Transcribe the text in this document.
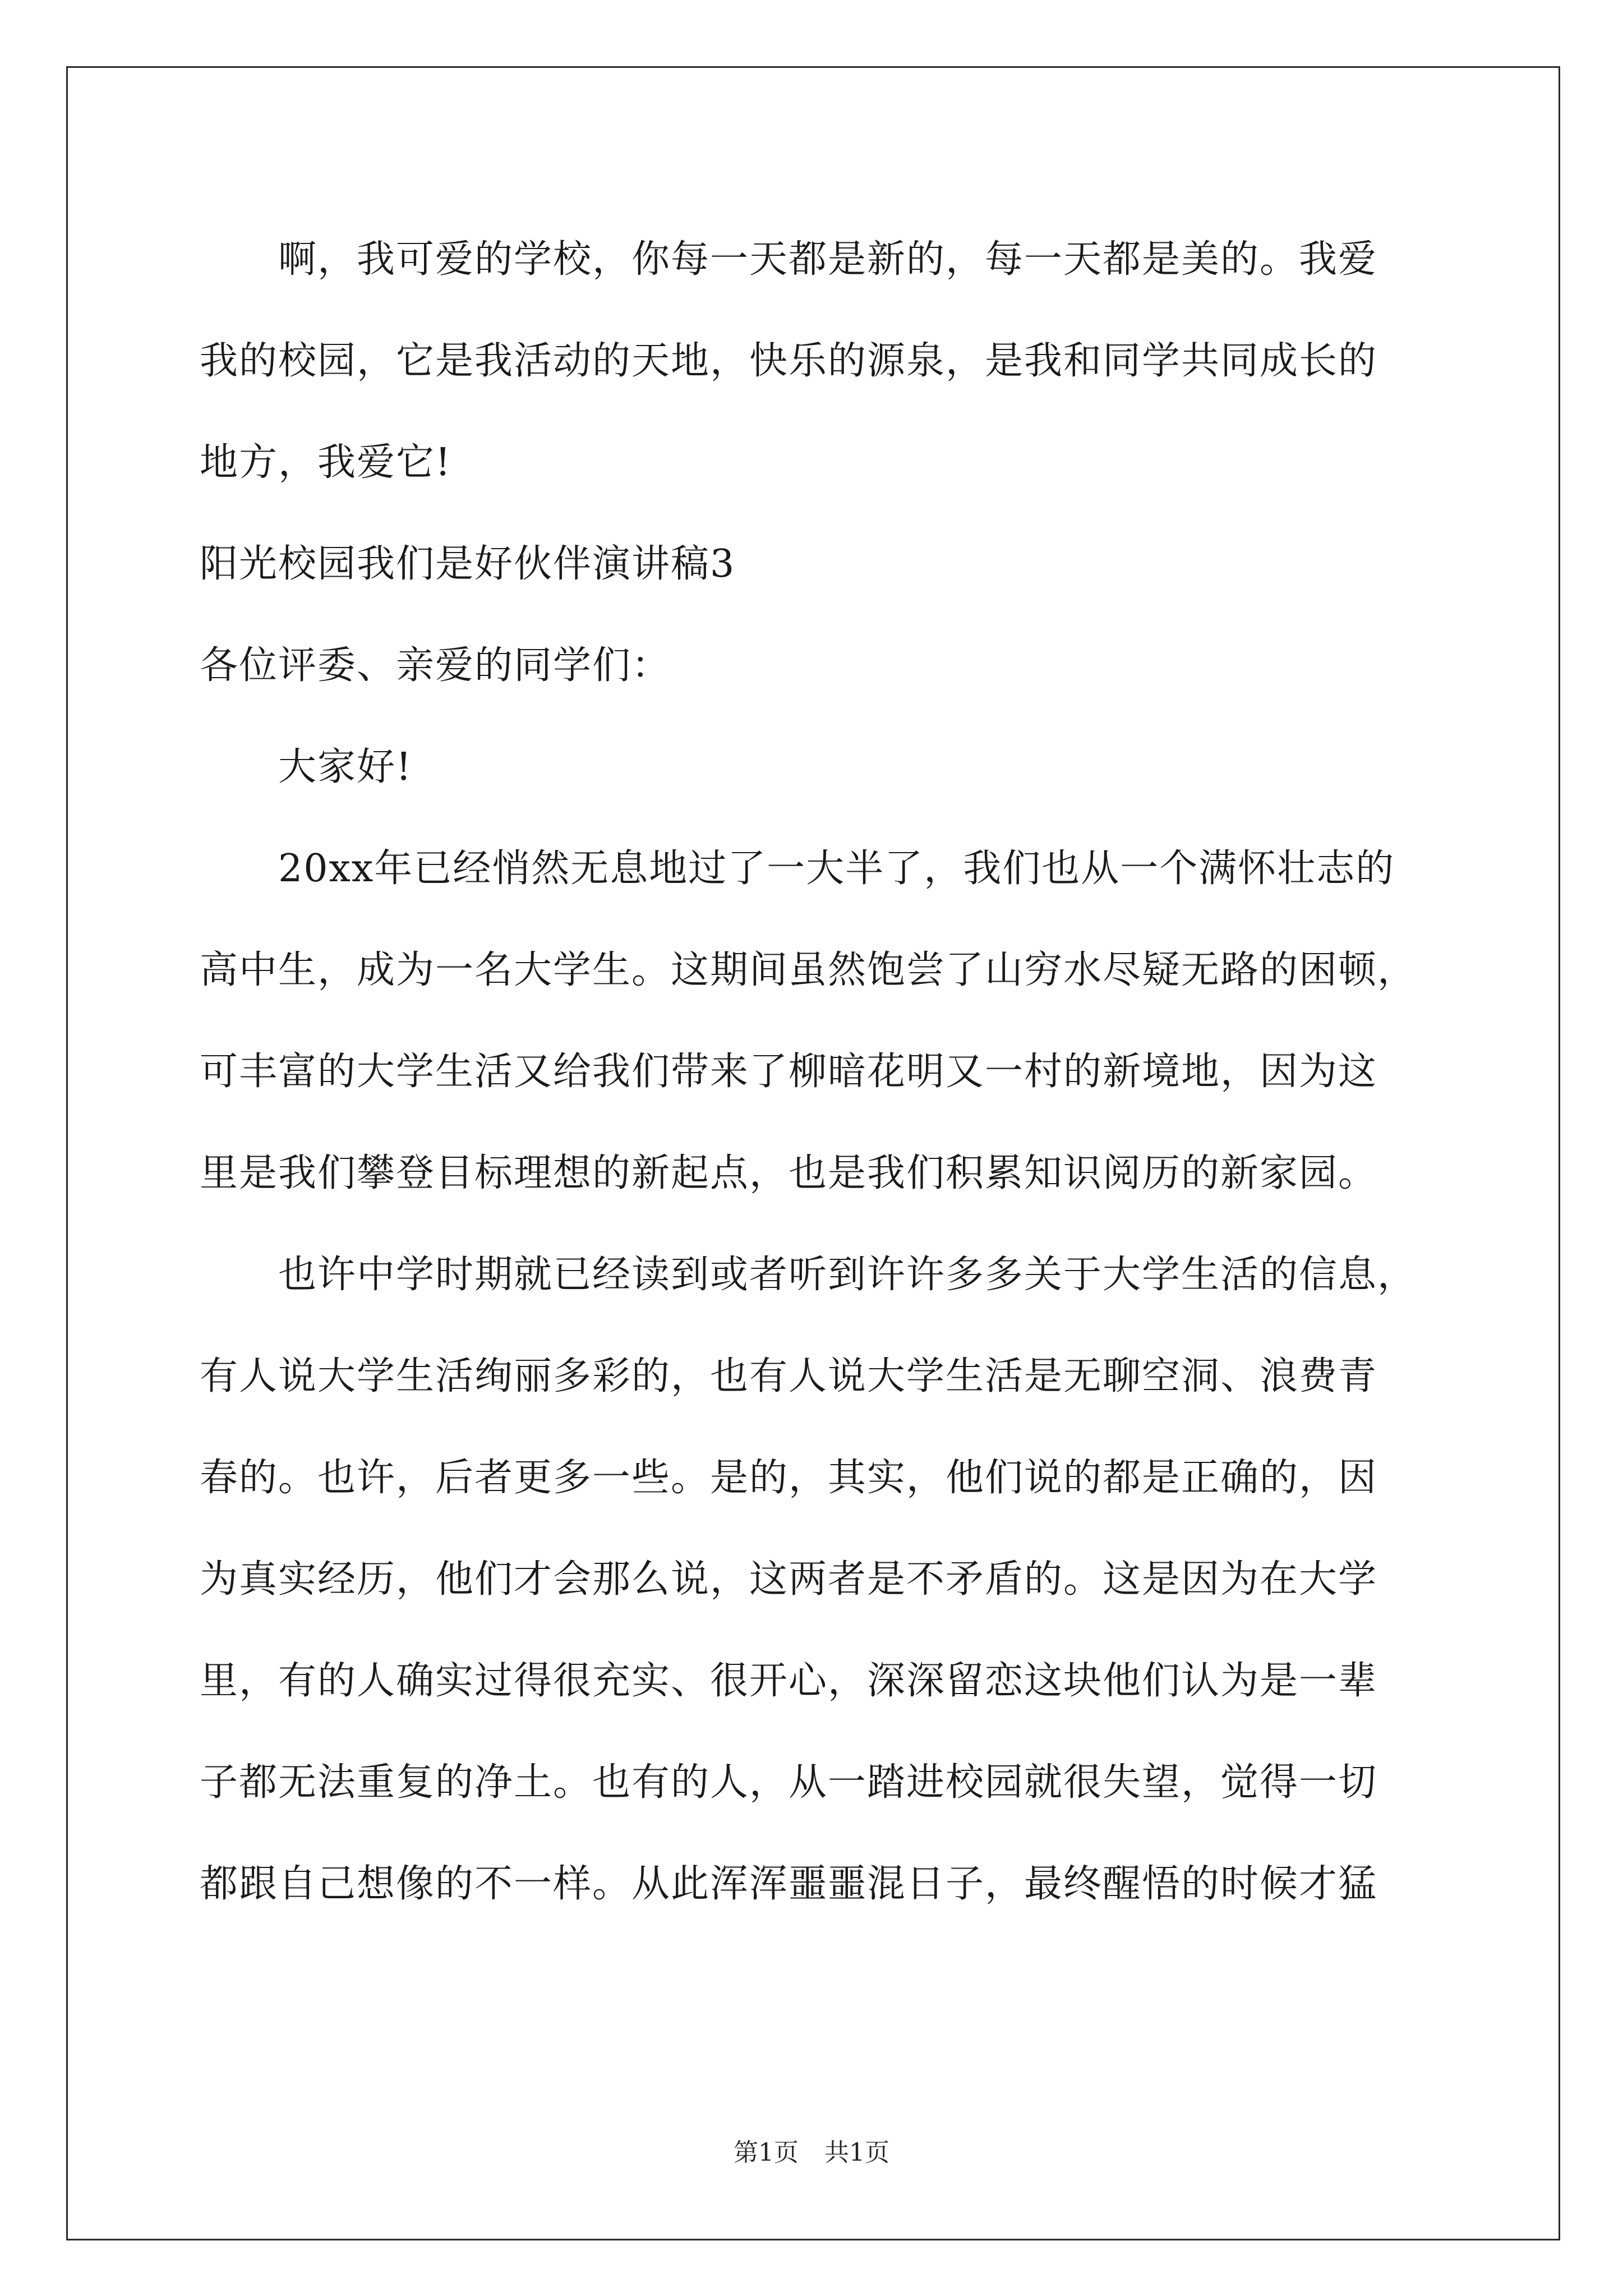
　　啊，我可爱的学校，你每一天都是新的，每一天都是美的。我爱

我的校园，它是我活动的天地，快乐的源泉，是我和同学共同成长的

地方，我爱它!

阳光校园我们是好伙伴演讲稿3

各位评委、亲爱的同学们：

　　大家好!

　　20xx年已经悄然无息地过了一大半了，我们也从一个满怀壮志的

高中生，成为一名大学生。这期间虽然饱尝了山穷水尽疑无路的困顿，

可丰富的大学生活又给我们带来了柳暗花明又一村的新境地，因为这

里是我们攀登目标理想的新起点，也是我们积累知识阅历的新家园。

　　也许中学时期就已经读到或者听到许许多多关于大学生活的信息，

有人说大学生活绚丽多彩的，也有人说大学生活是无聊空洞、浪费青

春的。也许，后者更多一些。是的，其实，他们说的都是正确的，因

为真实经历，他们才会那么说，这两者是不矛盾的。这是因为在大学

里，有的人确实过得很充实、很开心，深深留恋这块他们认为是一辈

子都无法重复的净土。也有的人，从一踏进校园就很失望，觉得一切

都跟自己想像的不一样。从此浑浑噩噩混日子，最终醒悟的时候才猛

第1页 共1页
